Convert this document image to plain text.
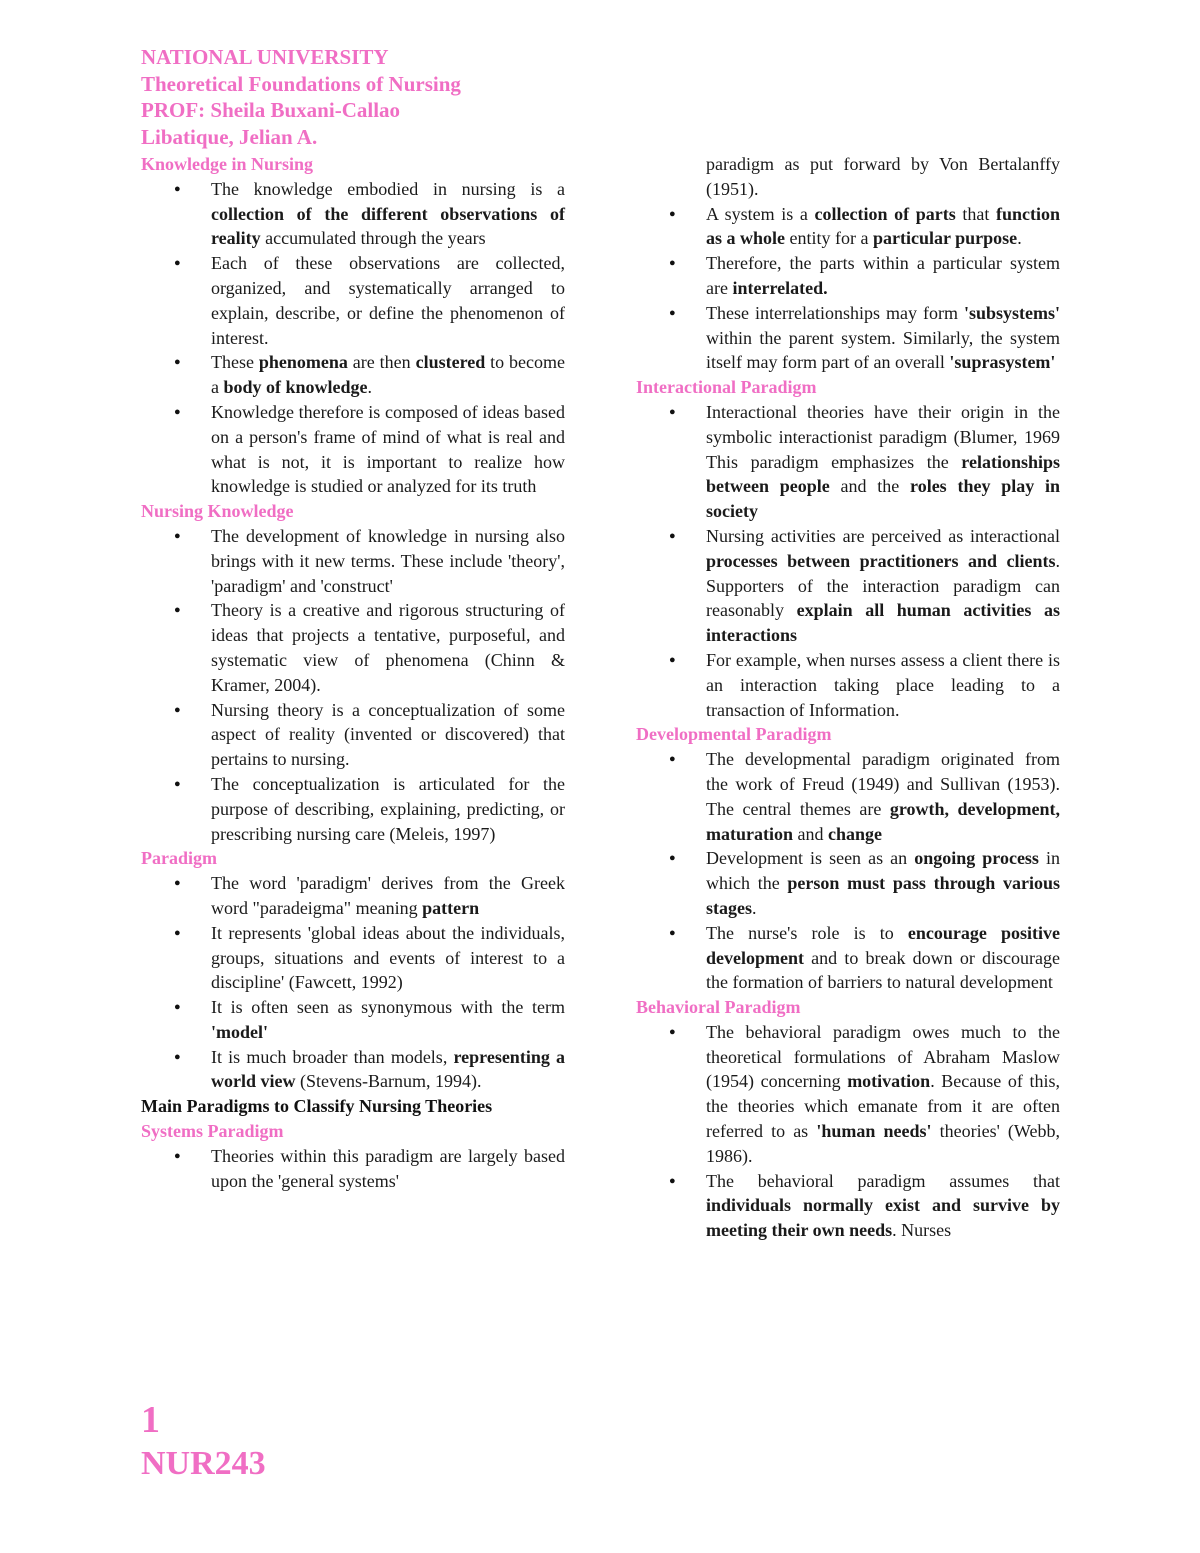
NATIONAL UNIVERSITY
Theoretical Foundations of Nursing
PROF: Sheila Buxani-Callao
Libatique, Jelian A.
Knowledge in Nursing
● The knowledge embodied in nursing is a collection of the different observations of reality accumulated through the years
● Each of these observations are collected, organized, and systematically arranged to explain, describe, or define the phenomenon of interest.
● These phenomena are then clustered to become a body of knowledge.
● Knowledge therefore is composed of ideas based on a person's frame of mind of what is real and what is not, it is important to realize how knowledge is studied or analyzed for its truth
Nursing Knowledge
● The development of knowledge in nursing also brings with it new terms. These include 'theory', 'paradigm' and 'construct'
● Theory is a creative and rigorous structuring of ideas that projects a tentative, purposeful, and systematic view of phenomena (Chinn & Kramer, 2004).
● Nursing theory is a conceptualization of some aspect of reality (invented or discovered) that pertains to nursing.
● The conceptualization is articulated for the purpose of describing, explaining, predicting, or prescribing nursing care (Meleis, 1997)
Paradigm
● The word 'paradigm' derives from the Greek word "paradeigma" meaning pattern
● It represents 'global ideas about the individuals, groups, situations and events of interest to a discipline' (Fawcett, 1992)
● It is often seen as synonymous with the term 'model'
● It is much broader than models, representing a world view (Stevens-Barnum, 1994).
Main Paradigms to Classify Nursing Theories
Systems Paradigm
● Theories within this paradigm are largely based upon the 'general systems'
paradigm as put forward by Von Bertalanffy (1951).
● A system is a collection of parts that function as a whole entity for a particular purpose.
● Therefore, the parts within a particular system are interrelated.
● These interrelationships may form 'subsystems' within the parent system. Similarly, the system itself may form part of an overall 'suprasystem'
Interactional Paradigm
● Interactional theories have their origin in the symbolic interactionist paradigm (Blumer, 1969 This paradigm emphasizes the relationships between people and the roles they play in society
● Nursing activities are perceived as interactional processes between practitioners and clients. Supporters of the interaction paradigm can reasonably explain all human activities as interactions
● For example, when nurses assess a client there is an interaction taking place leading to a transaction of Information.
Developmental Paradigm
● The developmental paradigm originated from the work of Freud (1949) and Sullivan (1953). The central themes are growth, development, maturation and change
● Development is seen as an ongoing process in which the person must pass through various stages.
● The nurse's role is to encourage positive development and to break down or discourage the formation of barriers to natural development
Behavioral Paradigm
● The behavioral paradigm owes much to the theoretical formulations of Abraham Maslow (1954) concerning motivation. Because of this, the theories which emanate from it are often referred to as 'human needs' theories' (Webb, 1986).
● The behavioral paradigm assumes that individuals normally exist and survive by meeting their own needs. Nurses
1
NUR243
